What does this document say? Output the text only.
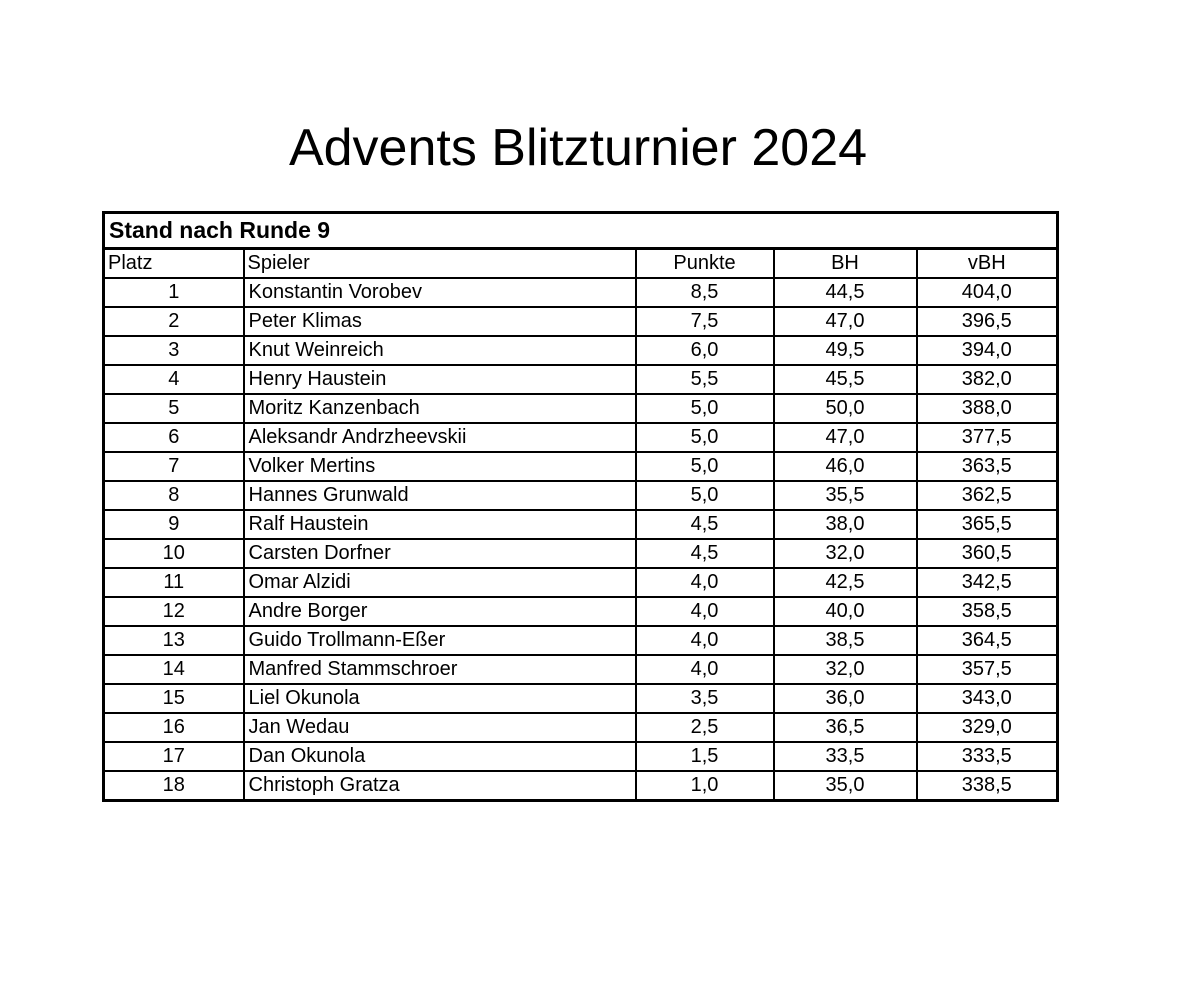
Advents Blitzturnier 2024
Stand nach Runde 9				
Platz	Spieler	Punkte	BH	vBH
1	Konstantin Vorobev	8,5	44,5	404,0
2	Peter Klimas	7,5	47,0	396,5
3	Knut Weinreich	6,0	49,5	394,0
4	Henry Haustein	5,5	45,5	382,0
5	Moritz Kanzenbach	5,0	50,0	388,0
6	Aleksandr Andrzheevskii	5,0	47,0	377,5
7	Volker Mertins	5,0	46,0	363,5
8	Hannes Grunwald	5,0	35,5	362,5
9	Ralf Haustein	4,5	38,0	365,5
10	Carsten Dorfner	4,5	32,0	360,5
11	Omar Alzidi	4,0	42,5	342,5
12	Andre Borger	4,0	40,0	358,5
13	Guido Trollmann-Eßer	4,0	38,5	364,5
14	Manfred Stammschroer	4,0	32,0	357,5
15	Liel Okunola	3,5	36,0	343,0
16	Jan Wedau	2,5	36,5	329,0
17	Dan Okunola	1,5	33,5	333,5
18	Christoph Gratza	1,0	35,0	338,5
